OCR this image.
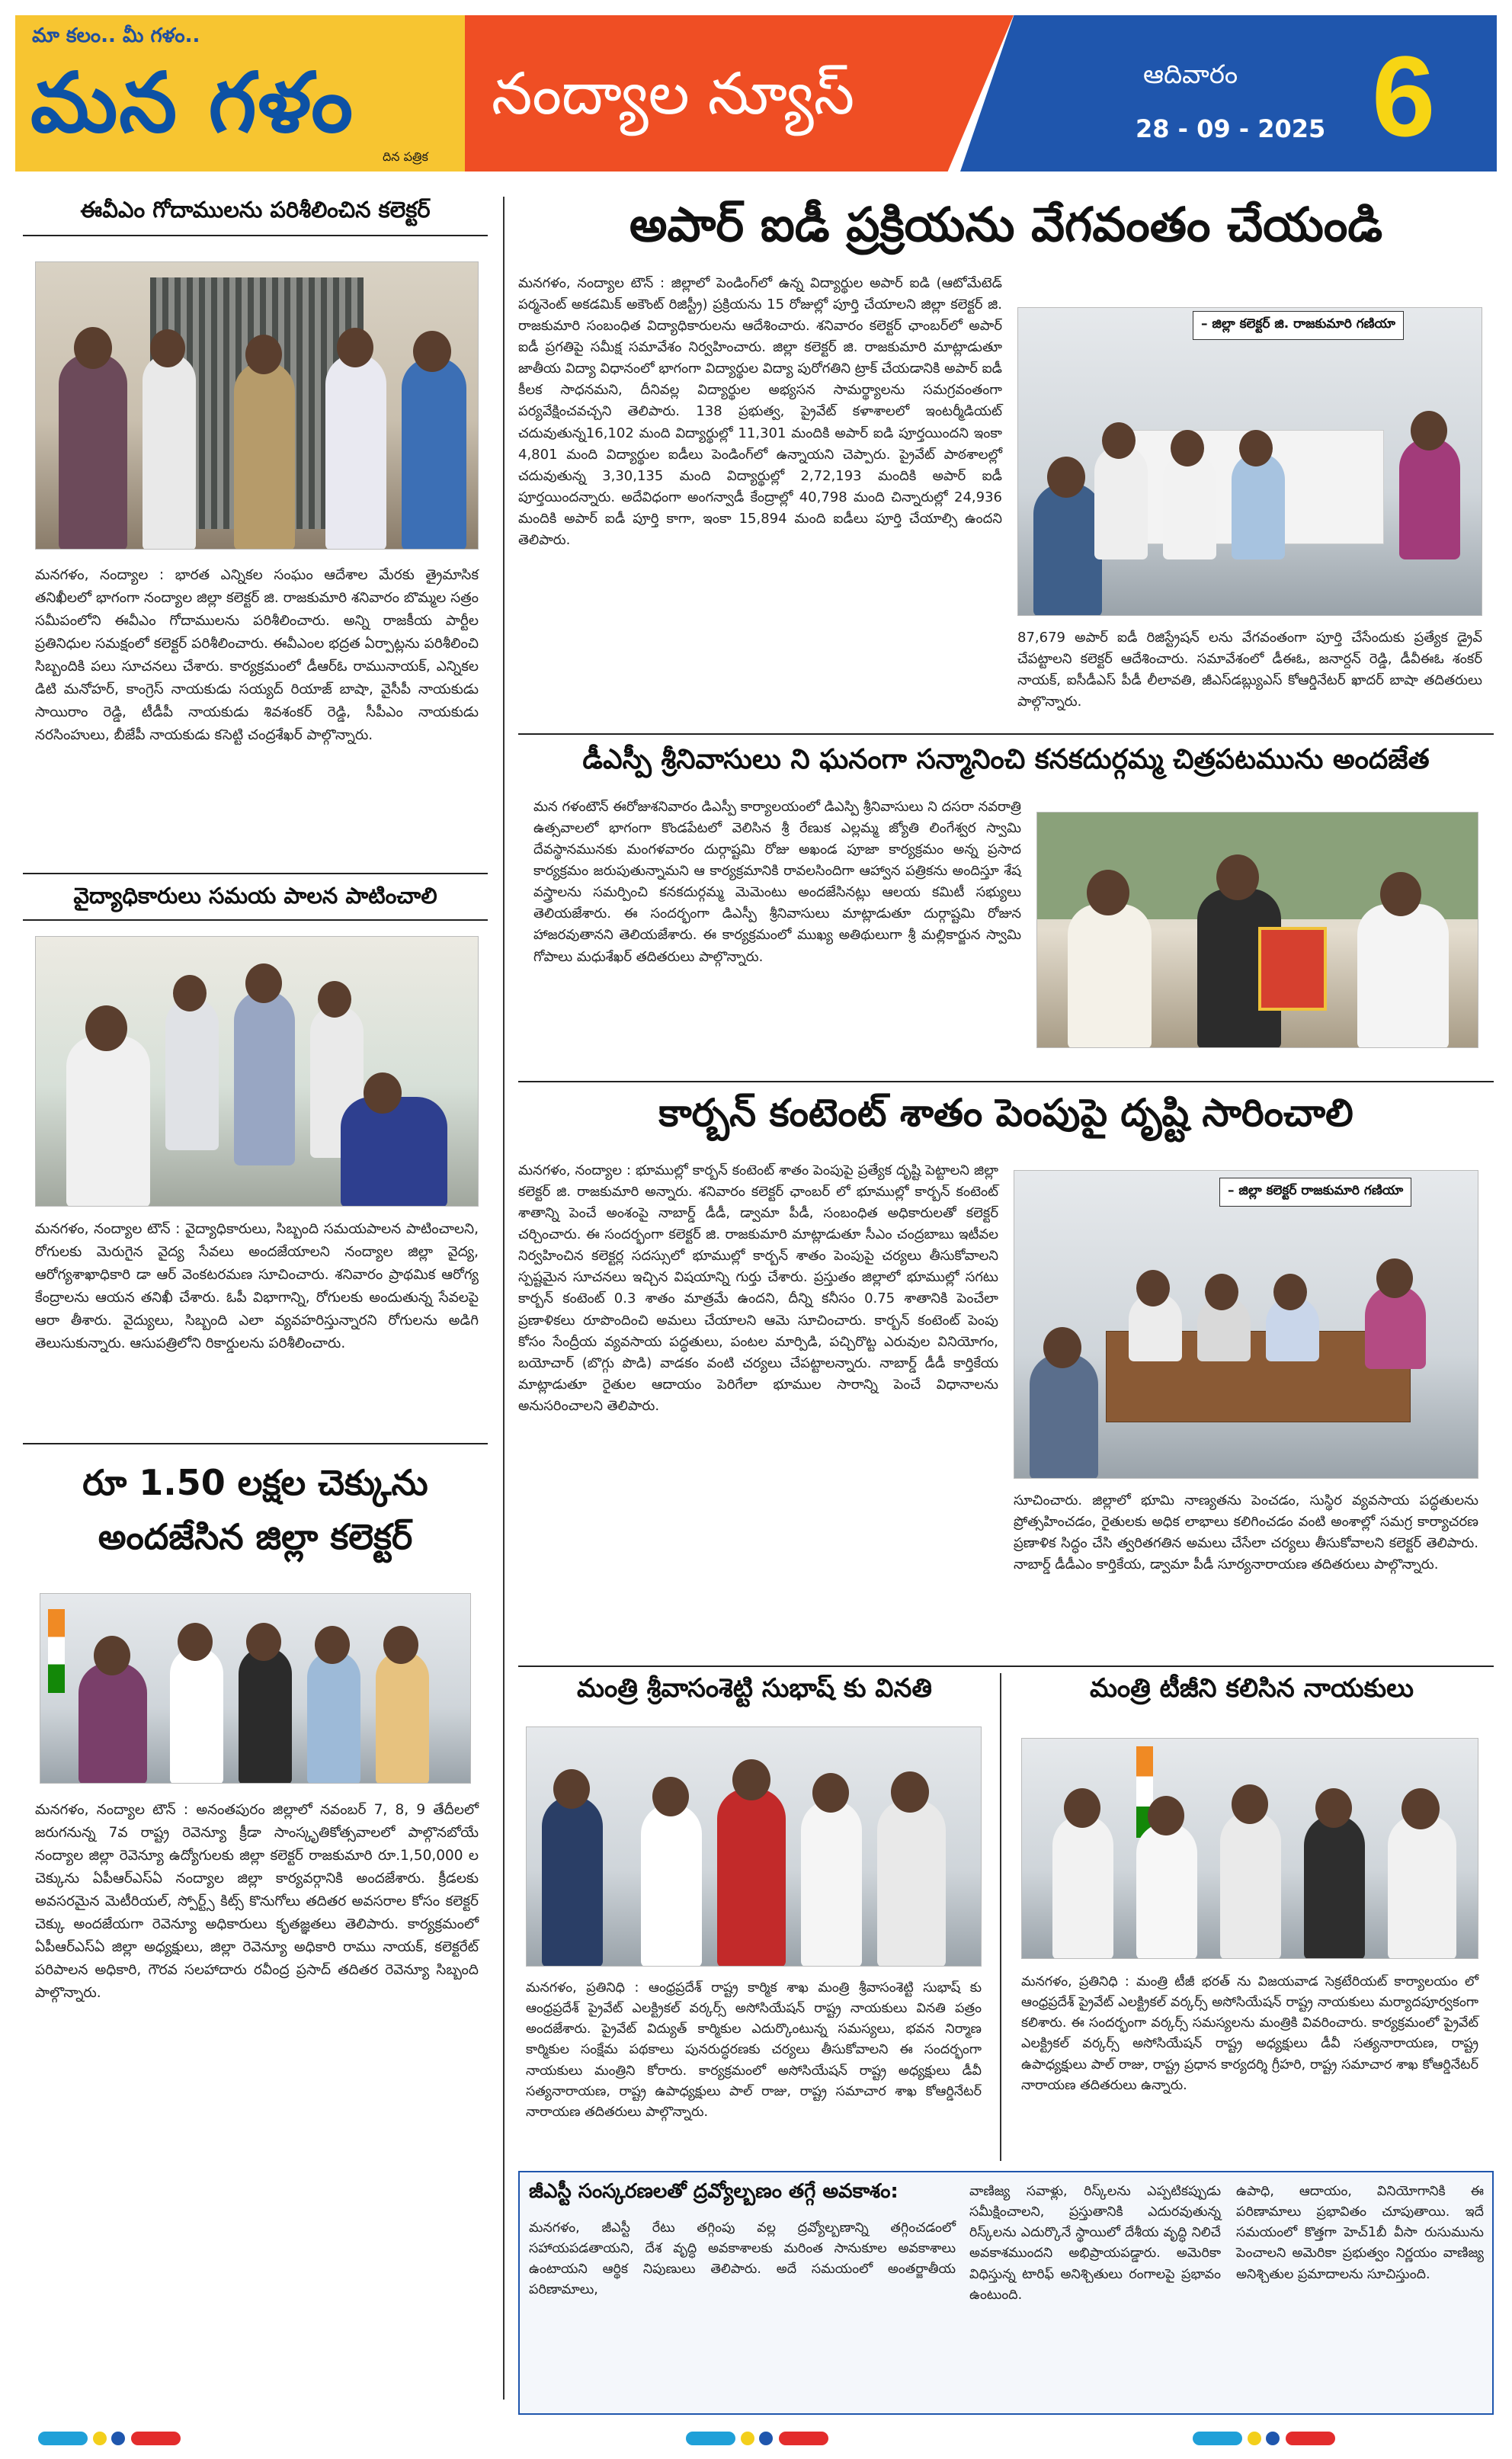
మా కలం.. మీ గళం..
మన గళం
దిన పత్రిక
నంద్యాల న్యూస్	ఆదివారం
28 - 09 - 2025 6
ఈవీఎం గోదాములను పరిశీలించిన కలెక్టర్
మనగళం, నంద్యాల : భారత ఎన్నికల సంఘం ఆదేశాల మేరకు త్రైమాసిక తనిఖీలలో భాగంగా నంద్యాల జిల్లా కలెక్టర్ జి. రాజకుమారి శనివారం బొమ్మల సత్రం సమీపంలోని ఈవీఎం గోదాములను పరిశీలించారు. అన్ని రాజకీయ పార్టీల ప్రతినిధుల సమక్షంలో కలెక్టర్ పరిశీలించారు. ఈవీఎంల భద్రత ఏర్పాట్లను పరిశీలించి సిబ్బందికి పలు సూచనలు చేశారు. కార్యక్రమంలో డీఆర్ఓ రామునాయక్, ఎన్నికల డిటి మనోహర్, కాంగ్రెస్ నాయకుడు సయ్యద్ రియాజ్ బాషా, వైసీపీ నాయకుడు సాయిరాం రెడ్డి, టీడీపీ నాయకుడు శివశంకర్ రెడ్డి, సీపీఎం నాయకుడు నరసింహులు, బీజేపీ నాయకుడు కసెట్టి చంద్రశేఖర్ పాల్గొన్నారు.
వైద్యాధికారులు సమయ పాలన పాటించాలి
మనగళం, నంద్యాల టౌన్ : వైద్యాధికారులు, సిబ్బంది సమయపాలన పాటించాలని, రోగులకు మెరుగైన వైద్య సేవలు అందజేయాలని నంద్యాల జిల్లా వైద్య, ఆరోగ్యశాఖాధికారి డా ఆర్ వెంకటరమణ సూచించారు. శనివారం ప్రాథమిక ఆరోగ్య కేంద్రాలను ఆయన తనిఖీ చేశారు. ఓపీ విభాగాన్ని, రోగులకు అందుతున్న సేవలపై ఆరా తీశారు. వైద్యులు, సిబ్బంది ఎలా వ్యవహరిస్తున్నారని రోగులను అడిగి తెలుసుకున్నారు. ఆసుపత్రిలోని రికార్డులను పరిశీలించారు.
రూ 1.50 లక్షల చెక్కును అందజేసిన జిల్లా కలెక్టర్
మనగళం, నంద్యాల టౌన్ : అనంతపురం జిల్లాలో నవంబర్ 7, 8, 9 తేదీలలో జరుగనున్న 7వ రాష్ట్ర రెవెన్యూ క్రీడా సాంస్కృతికోత్సవాలలో పాల్గొనబోయే నంద్యాల జిల్లా రెవెన్యూ ఉద్యోగులకు జిల్లా కలెక్టర్ రాజకుమారి రూ.1,50,000 ల చెక్కును ఏపీఆర్ఎస్ఏ నంద్యాల జిల్లా కార్యవర్గానికి అందజేశారు. క్రీడలకు అవసరమైన మెటీరియల్, స్పోర్ట్స్ కిట్స్ కొనుగోలు తదితర అవసరాల కోసం కలెక్టర్ చెక్కు అందజేయగా రెవెన్యూ అధికారులు కృతజ్ఞతలు తెలిపారు. కార్యక్రమంలో ఏపీఆర్ఎస్ఏ జిల్లా అధ్యక్షులు, జిల్లా రెవెన్యూ అధికారి రాము నాయక్, కలెక్టరేట్ పరిపాలన అధికారి, గౌరవ సలహాదారు రవీంద్ర ప్రసాద్ తదితర రెవెన్యూ సిబ్బంది పాల్గొన్నారు.
అపార్ ఐడీ ప్రక్రియను వేగవంతం చేయండి
మనగళం, నంద్యాల టౌన్ : జిల్లాలో పెండింగ్‌లో ఉన్న విద్యార్థుల అపార్ ఐడి (ఆటోమేటెడ్ పర్మనెంట్ అకడమిక్ అకౌంట్ రిజిస్ట్రీ) ప్రక్రియను 15 రోజుల్లో పూర్తి చేయాలని జిల్లా కలెక్టర్ జి. రాజకుమారి సంబంధిత విద్యాధికారులను ఆదేశించారు. శనివారం కలెక్టర్ ఛాంబర్‌లో అపార్ ఐడీ ప్రగతిపై సమీక్ష సమావేశం నిర్వహించారు. జిల్లా కలెక్టర్ జి. రాజకుమారి మాట్లాడుతూ జాతీయ విద్యా విధానంలో భాగంగా విద్యార్థుల విద్యా పురోగతిని ట్రాక్ చేయడానికి అపార్ ఐడీ కీలక సాధనమని, దీనివల్ల విద్యార్థుల అభ్యసన సామర్థ్యాలను సమగ్రవంతంగా పర్యవేక్షించవచ్చని తెలిపారు. 138 ప్రభుత్వ, ప్రైవేట్ కళాశాలలో ఇంటర్మీడియట్ చదువుతున్న16,102 మంది విద్యార్థుల్లో 11,301 మందికి అపార్ ఐడి పూర్తయిందని ఇంకా 4,801 మంది విద్యార్థుల ఐడీలు పెండింగ్‌లో ఉన్నాయని చెప్పారు. ప్రైవేట్ పాఠశాలల్లో చదువుతున్న 3,30,135 మంది విద్యార్థుల్లో 2,72,193 మందికి అపార్ ఐడీ పూర్తయిందన్నారు. అదేవిధంగా అంగన్వాడీ కేంద్రాల్లో 40,798 మంది చిన్నారుల్లో 24,936 మందికి అపార్ ఐడీ పూర్తి కాగా, ఇంకా 15,894 మంది ఐడీలు పూర్తి చేయాల్సి ఉందని తెలిపారు.
– జిల్లా కలెక్టర్ జి. రాజకుమారి గణియా
87,679 అపార్ ఐడీ రిజిస్ట్రేషన్ లను వేగవంతంగా పూర్తి చేసేందుకు ప్రత్యేక డ్రైవ్ చేపట్టాలని కలెక్టర్ ఆదేశించారు. సమావేశంలో డీఈఓ, జనార్దన్ రెడ్డి, డీవీఈఓ శంకర్ నాయక్, ఐసీడీఎస్ పీడీ లీలావతి, జీఎస్‌డబ్ల్యుఎస్ కోఆర్డినేటర్ ఖాదర్ బాషా తదితరులు పాల్గొన్నారు.
డీఎస్పీ శ్రీనివాసులు ని ఘనంగా సన్మానించి కనకదుర్గమ్మ చిత్రపటమును అందజేత
మన గళంటౌన్ ఈరోజుశనివారం డిఎస్పీ కార్యాలయంలో డిఎస్పి శ్రీనివాసులు ని దసరా నవరాత్రి ఉత్సవాలలో భాగంగా కొండపేటలో వెలిసిన శ్రీ రేణుక ఎల్లమ్మ జ్యోతి లింగేశ్వర స్వామి దేవస్థానమునకు మంగళవారం దుర్గాష్టమి రోజు అఖండ పూజా కార్యక్రమం అన్న ప్రసాద కార్యక్రమం జరుపుతున్నామని ఆ కార్యక్రమానికి రావలసిందిగా ఆహ్వాన పత్రికను అందిస్తూ శేష వస్త్రాలను సమర్పించి కనకదుర్గమ్మ మెమెంటు అందజేసినట్లు ఆలయ కమిటీ సభ్యులు తెలియజేశారు. ఈ సందర్భంగా డిఎస్పీ శ్రీనివాసులు మాట్లాడుతూ దుర్గాష్టమి రోజున హాజరవుతానని తెలియజేశారు. ఈ కార్యక్రమంలో ముఖ్య అతిథులుగా శ్రీ మల్లికార్జున స్వామి గోపాలు మధుశేఖర్ తదితరులు పాల్గొన్నారు.
కార్బన్ కంటెంట్ శాతం పెంపుపై దృష్టి సారించాలి
మనగళం, నంద్యాల : భూముల్లో కార్బన్ కంటెంట్ శాతం పెంపుపై ప్రత్యేక దృష్టి పెట్టాలని జిల్లా కలెక్టర్ జి. రాజకుమారి అన్నారు. శనివారం కలెక్టర్ ఛాంబర్ లో భూముల్లో కార్బన్ కంటెంట్ శాతాన్ని పెంచే అంశంపై నాబార్డ్ డీడీ, డ్వామా పీడీ, సంబంధిత అధికారులతో కలెక్టర్ చర్చించారు. ఈ సందర్భంగా కలెక్టర్ జి. రాజకుమారి మాట్లాడుతూ సీఎం చంద్రబాబు ఇటీవల నిర్వహించిన కలెక్టర్ల సదస్సులో భూముల్లో కార్బన్ శాతం పెంపుపై చర్యలు తీసుకోవాలని స్పష్టమైన సూచనలు ఇచ్చిన విషయాన్ని గుర్తు చేశారు. ప్రస్తుతం జిల్లాలో భూముల్లో సగటు కార్బన్ కంటెంట్ 0.3 శాతం మాత్రమే ఉందని, దీన్ని కనీసం 0.75 శాతానికి పెంచేలా ప్రణాళికలు రూపొందించి అమలు చేయాలని ఆమె సూచించారు. కార్బన్ కంటెంట్ పెంపు కోసం సేంద్రీయ వ్యవసాయ పద్ధతులు, పంటల మార్పిడి, పచ్చిరొట్ట ఎరువుల వినియోగం, బయోచార్ (బొగ్గు పొడి) వాడకం వంటి చర్యలు చేపట్టాలన్నారు. నాబార్డ్ డీడీ కార్తికేయ మాట్లాడుతూ రైతుల ఆదాయం పెరిగేలా భూముల సారాన్ని పెంచే విధానాలను అనుసరించాలని తెలిపారు.
– జిల్లా కలెక్టర్ రాజకుమారి గణియా
సూచించారు. జిల్లాలో భూమి నాణ్యతను పెంచడం, సుస్థిర వ్యవసాయ పద్ధతులను ప్రోత్సహించడం, రైతులకు అధిక లాభాలు కలిగించడం వంటి అంశాల్లో సమగ్ర కార్యాచరణ ప్రణాళిక సిద్ధం చేసి త్వరితగతిన అమలు చేసేలా చర్యలు తీసుకోవాలని కలెక్టర్ తెలిపారు. నాబార్డ్ డీడీఎం కార్తికేయ, డ్వామా పీడీ సూర్యనారాయణ తదితరులు పాల్గొన్నారు.
మంత్రి శ్రీవాసంశెట్టి సుభాష్ కు వినతి
మనగళం, ప్రతినిధి : ఆంధ్రప్రదేశ్ రాష్ట్ర కార్మిక శాఖ మంత్రి శ్రీవాసంశెట్టి సుభాష్ కు ఆంధ్రప్రదేశ్ ప్రైవేట్ ఎలక్ట్రికల్ వర్కర్స్ అసోసియేషన్ రాష్ట్ర నాయకులు వినతి పత్రం అందజేశారు. ప్రైవేట్ విద్యుత్ కార్మికుల ఎదుర్కొంటున్న సమస్యలు, భవన నిర్మాణ కార్మికుల సంక్షేమ పథకాలు పునరుద్ధరణకు చర్యలు తీసుకోవాలని ఈ సందర్భంగా నాయకులు మంత్రిని కోరారు. కార్యక్రమంలో అసోసియేషన్ రాష్ట్ర అధ్యక్షులు డీవీ సత్యనారాయణ, రాష్ట్ర ఉపాధ్యక్షులు పాల్ రాజు, రాష్ట్ర సమాచార శాఖ కోఆర్డినేటర్ నారాయణ తదితరులు పాల్గొన్నారు.
మంత్రి టీజీని కలిసిన నాయకులు
మనగళం, ప్రతినిధి : మంత్రి టీజీ భరత్ ను విజయవాడ సెక్రటేరియట్ కార్యాలయం లో ఆంధ్రప్రదేశ్ ప్రైవేట్ ఎలక్ట్రికల్ వర్కర్స్ అసోసియేషన్ రాష్ట్ర నాయకులు మర్యాదపూర్వకంగా కలిశారు. ఈ సందర్భంగా వర్కర్స్ సమస్యలను మంత్రికి వివరించారు. కార్యక్రమంలో ప్రైవేట్ ఎలక్ట్రికల్ వర్కర్స్ అసోసియేషన్ రాష్ట్ర అధ్యక్షులు డీవీ సత్యనారాయణ, రాష్ట్ర ఉపాధ్యక్షులు పాల్ రాజు, రాష్ట్ర ప్రధాన కార్యదర్శి గ్రీహరి, రాష్ట్ర సమాచార శాఖ కోఆర్డినేటర్ నారాయణ తదితరులు ఉన్నారు.
జీఎస్టీ సంస్కరణలతో ద్రవ్యోల్బణం తగ్గే అవకాశం:
మనగళం, జీఎస్టీ రేటు తగ్గింపు వల్ల ద్రవ్యోల్బణాన్ని తగ్గించడంలో సహాయపడతాయని, దేశ వృద్ధి అవకాశాలకు మరింత సానుకూల అవకాశాలు ఉంటాయని ఆర్థిక నిపుణులు తెలిపారు. అదే సమయంలో అంతర్జాతీయ పరిణామాలు,
వాణిజ్య సవాళ్లు, రిస్క్‌లను ఎప్పటికప్పుడు సమీక్షించాలని, ప్రస్తుతానికి ఎదురవుతున్న రిస్క్‌లను ఎదుర్కొనే స్థాయిలో దేశీయ వృద్ధి నిలిచే అవకాశముందని అభిప్రాయపడ్డారు. అమెరికా విధిస్తున్న టారిఫ్ అనిశ్చితులు రంగాలపై ప్రభావం ఉంటుంది.
ఉపాధి, ఆదాయం, వినియోగానికి ఈ పరిణామాలు ప్రభావితం చూపుతాయి. ఇదే సమయంలో కొత్తగా హెచ్1బీ వీసా రుసుమును పెంచాలని అమెరికా ప్రభుత్వం నిర్ణయం వాణిజ్య అనిశ్చితుల ప్రమాదాలను సూచిస్తుంది.
